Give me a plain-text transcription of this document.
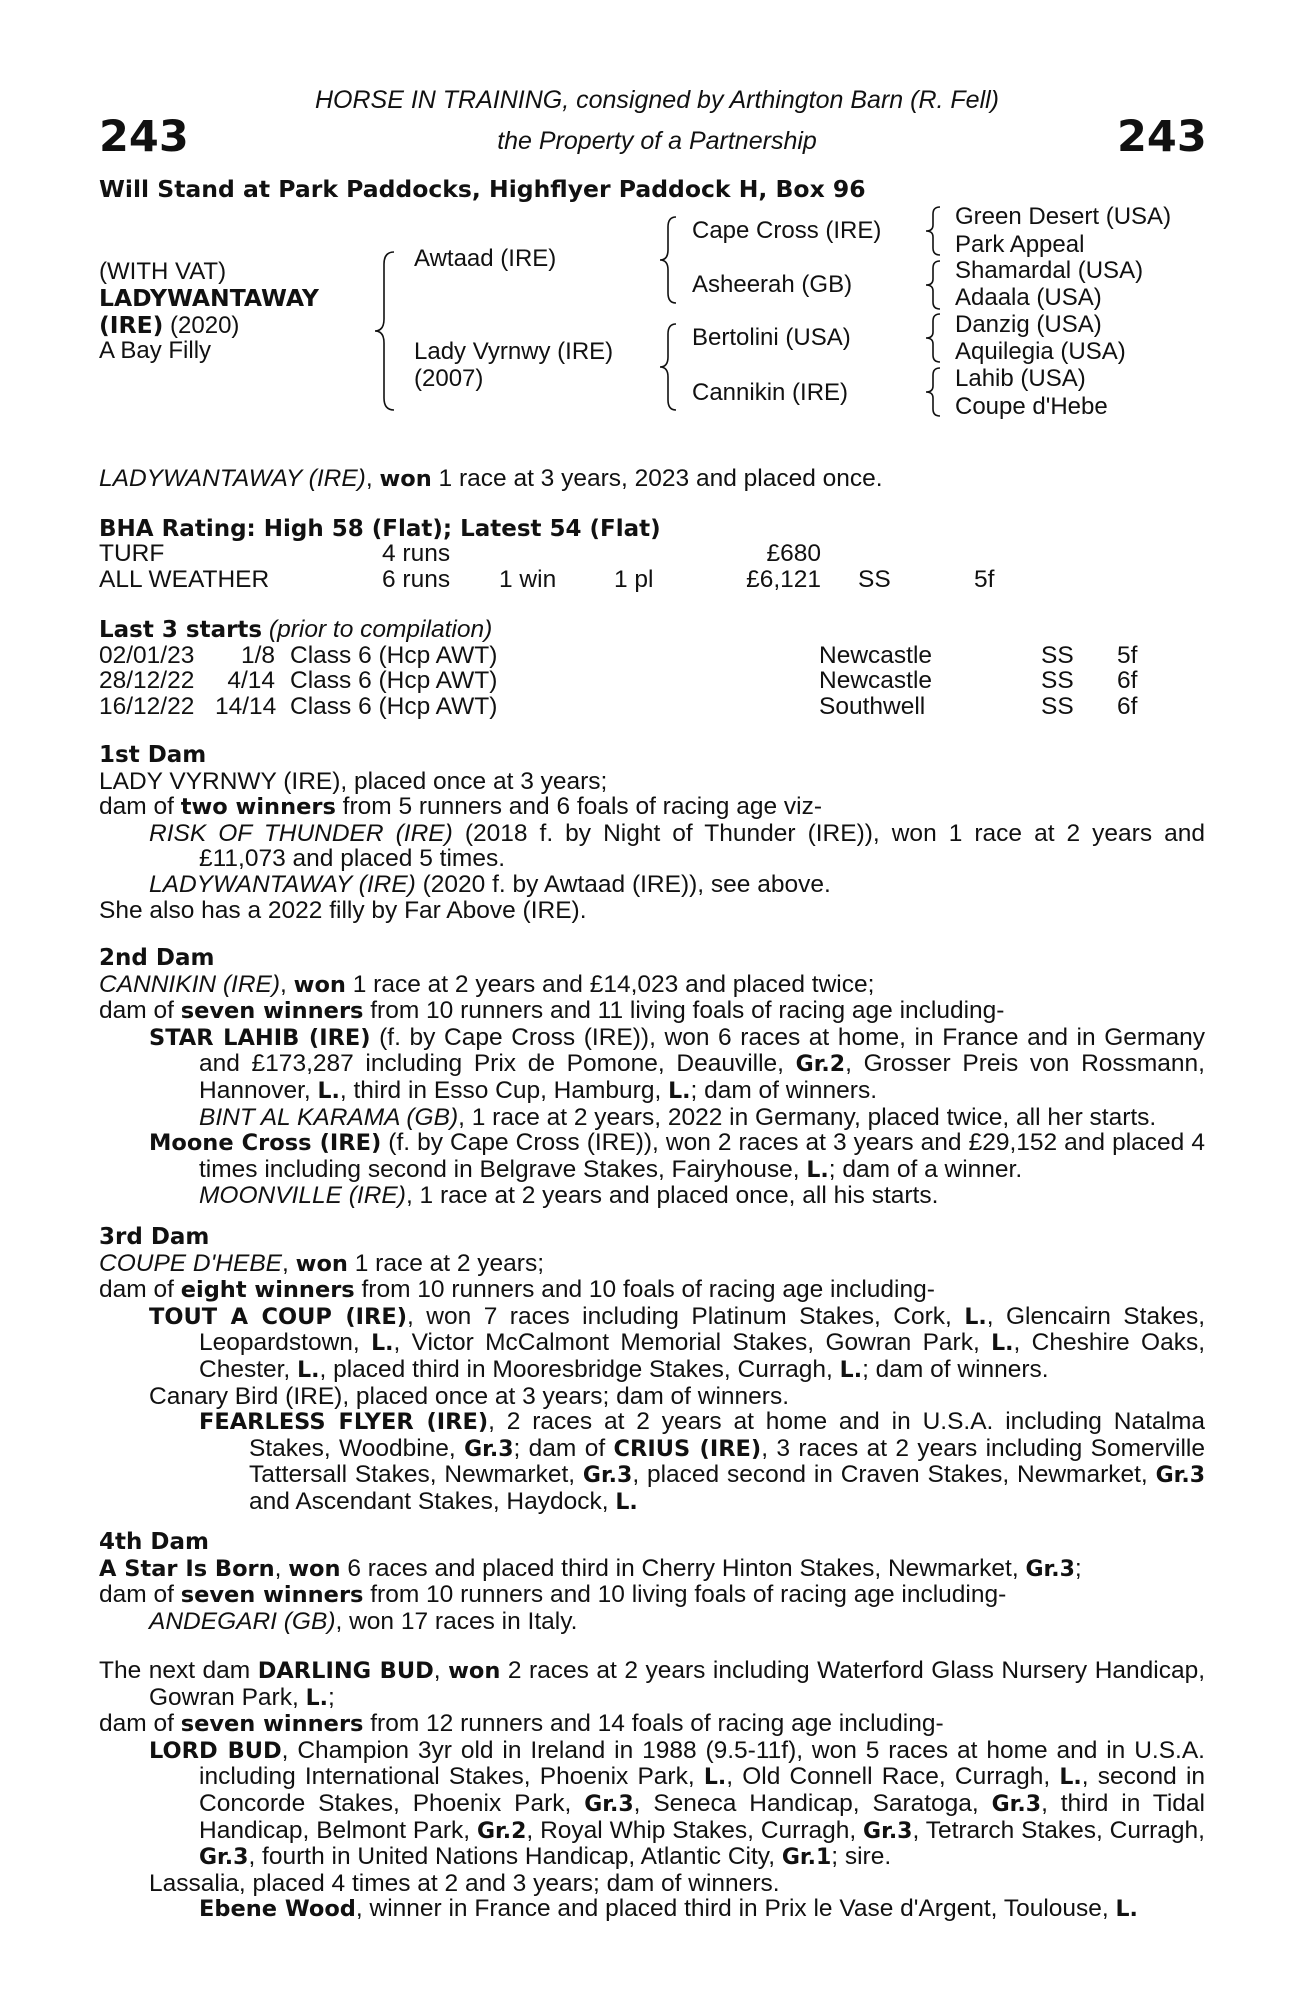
243	243
HORSE IN TRAINING, consigned by Arthington Barn (R. Fell)
the Property of a Partnership
Will Stand at Park Paddocks, Highflyer Paddock H, Box 96
(WITH VAT)
LADYWANTAWAY
(IRE) (2020)
A Bay Filly
Awtaad (IRE)
Lady Vyrnwy (IRE)
(2007)
Cape Cross (IRE)
Asheerah (GB)
Bertolini (USA)
Cannikin (IRE)
Green Desert (USA)
Park Appeal
Shamardal (USA)
Adaala (USA)
Danzig (USA)
Aquilegia (USA)
Lahib (USA)
Coupe d'Hebe
LADYWANTAWAY (IRE), won 1 race at 3 years, 2023 and placed once.
BHA Rating: High 58 (Flat); Latest 54 (Flat)
TURF	4 runs	£680
ALL WEATHER	6 runs 1 win 1 pl	£6,121 SS	5f
Last 3 starts (prior to compilation)
02/01/23	1/8 Class 6 (Hcp AWT)	Newcastle	SS 5f
28/12/22	4/14 Class 6 (Hcp AWT)	Newcastle	SS 6f
16/12/22 14/14 Class 6 (Hcp AWT)	Southwell	SS 6f

1st Dam

LADY VYRNWY (IRE), placed once at 3 years;

dam of two winners from 5 runners and 6 foals of racing age viz-

RISK OF THUNDER (IRE) (2018 f. by Night of Thunder (IRE)), won 1 race at 2 years and £11,073 and placed 5 times.

LADYWANTAWAY (IRE) (2020 f. by Awtaad (IRE)), see above.

She also has a 2022 filly by Far Above (IRE).

2nd Dam

CANNIKIN (IRE), won 1 race at 2 years and £14,023 and placed twice;

dam of seven winners from 10 runners and 11 living foals of racing age including-

STAR LAHIB (IRE) (f. by Cape Cross (IRE)), won 6 races at home, in France and in Germany and £173,287 including Prix de Pomone, Deauville, Gr.2, Grosser Preis von Rossmann, Hannover, L., third in Esso Cup, Hamburg, L.; dam of winners.

BINT AL KARAMA (GB), 1 race at 2 years, 2022 in Germany, placed twice, all her starts.

Moone Cross (IRE) (f. by Cape Cross (IRE)), won 2 races at 3 years and £29,152 and placed 4 times including second in Belgrave Stakes, Fairyhouse, L.; dam of a winner.

MOONVILLE (IRE), 1 race at 2 years and placed once, all his starts.

3rd Dam

COUPE D'HEBE, won 1 race at 2 years;

dam of eight winners from 10 runners and 10 foals of racing age including-

TOUT A COUP (IRE), won 7 races including Platinum Stakes, Cork, L., Glencairn Stakes, Leopardstown, L., Victor McCalmont Memorial Stakes, Gowran Park, L., Cheshire Oaks, Chester, L., placed third in Mooresbridge Stakes, Curragh, L.; dam of winners.

Canary Bird (IRE), placed once at 3 years; dam of winners.

FEARLESS FLYER (IRE), 2 races at 2 years at home and in U.S.A. including Natalma Stakes, Woodbine, Gr.3; dam of CRIUS (IRE), 3 races at 2 years including Somerville Tattersall Stakes, Newmarket, Gr.3, placed second in Craven Stakes, Newmarket, Gr.3 and Ascendant Stakes, Haydock, L.

4th Dam

A Star Is Born, won 6 races and placed third in Cherry Hinton Stakes, Newmarket, Gr.3;

dam of seven winners from 10 runners and 10 living foals of racing age including-

ANDEGARI (GB), won 17 races in Italy.

The next dam DARLING BUD, won 2 races at 2 years including Waterford Glass Nursery Handicap, Gowran Park, L.;

dam of seven winners from 12 runners and 14 foals of racing age including-

LORD BUD, Champion 3yr old in Ireland in 1988 (9.5-11f), won 5 races at home and in U.S.A. including International Stakes, Phoenix Park, L., Old Connell Race, Curragh, L., second in Concorde Stakes, Phoenix Park, Gr.3, Seneca Handicap, Saratoga, Gr.3, third in Tidal Handicap, Belmont Park, Gr.2, Royal Whip Stakes, Curragh, Gr.3, Tetrarch Stakes, Curragh, Gr.3, fourth in United Nations Handicap, Atlantic City, Gr.1; sire.

Lassalia, placed 4 times at 2 and 3 years; dam of winners.

Ebene Wood, winner in France and placed third in Prix le Vase d'Argent, Toulouse, L.
